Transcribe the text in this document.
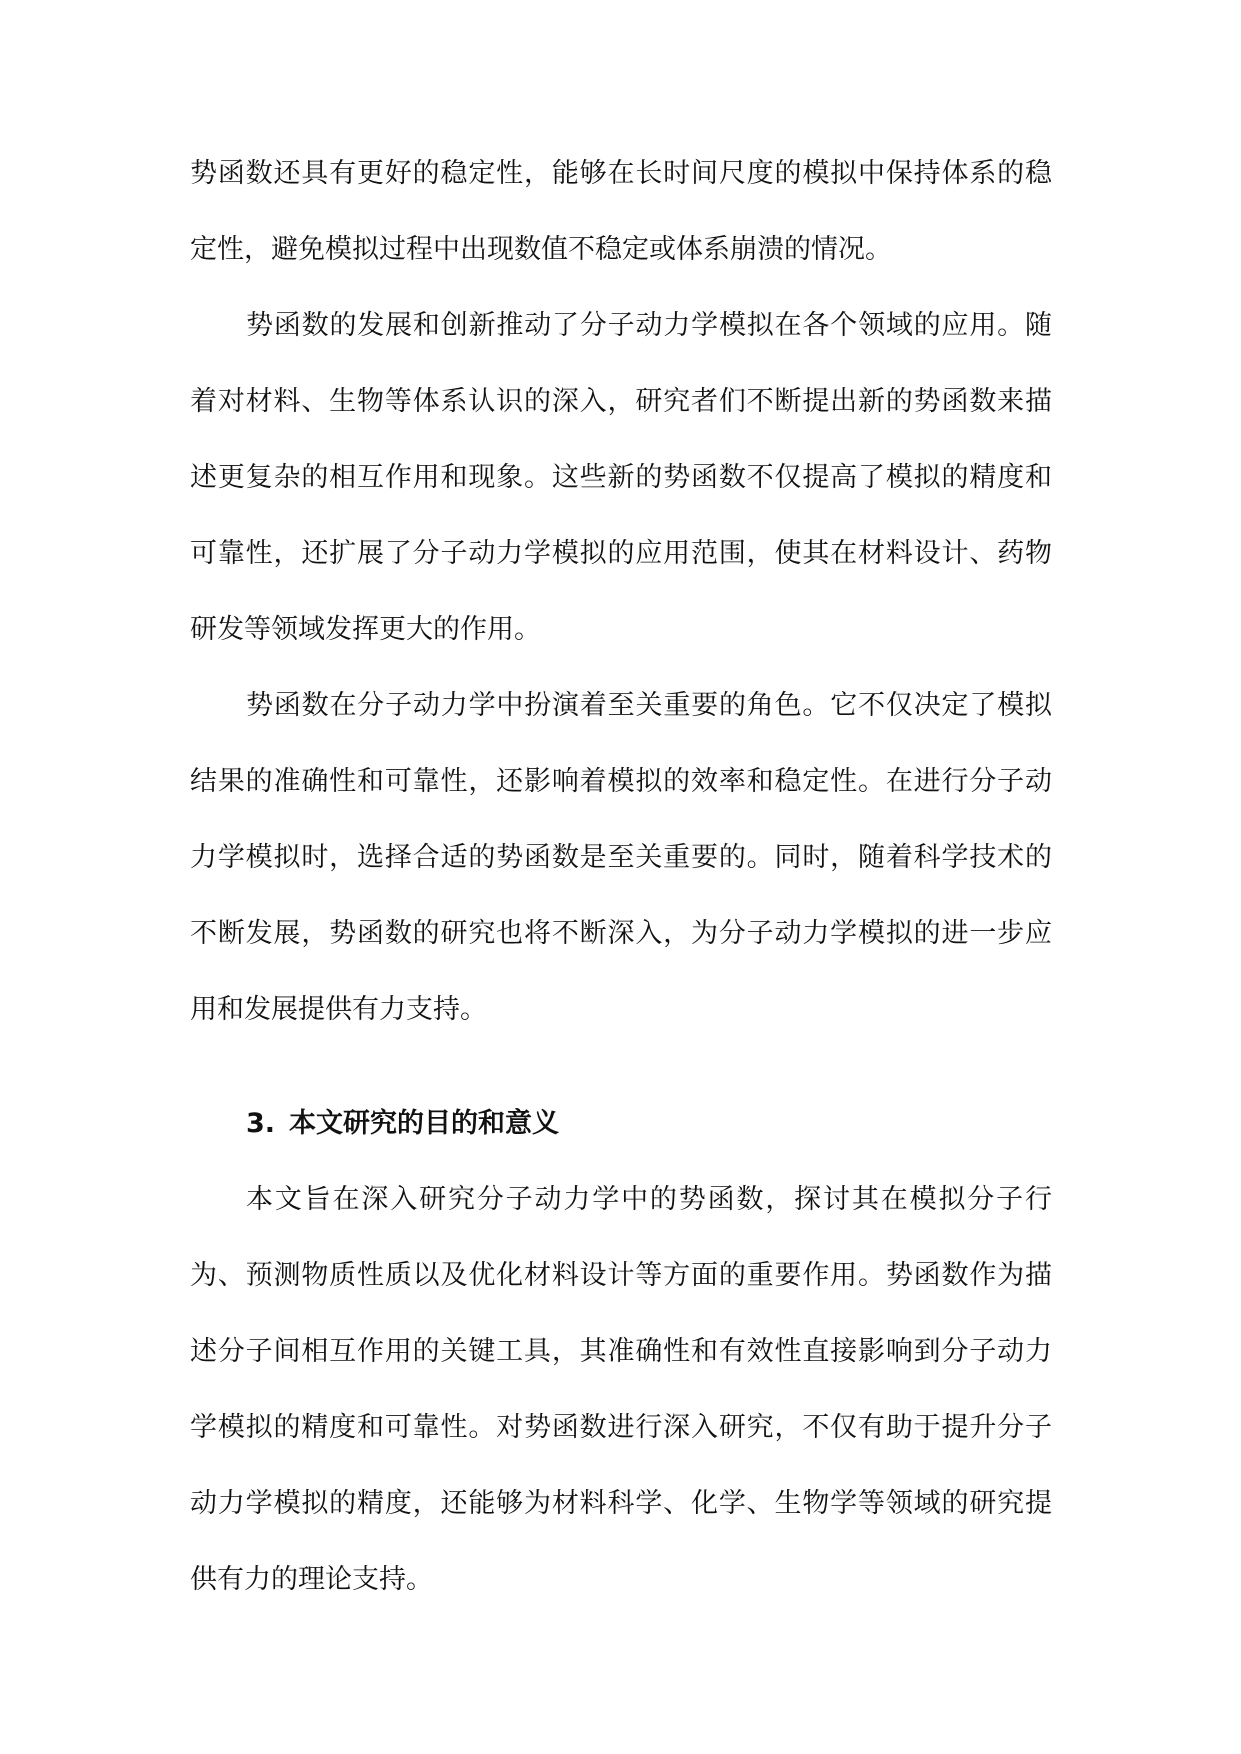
势函数还具有更好的稳定性，能够在长时间尺度的模拟中保持体系的稳定性，避免模拟过程中出现数值不稳定或体系崩溃的情况。

势函数的发展和创新推动了分子动力学模拟在各个领域的应用。随着对材料、生物等体系认识的深入，研究者们不断提出新的势函数来描述更复杂的相互作用和现象。这些新的势函数不仅提高了模拟的精度和可靠性，还扩展了分子动力学模拟的应用范围，使其在材料设计、药物研发等领域发挥更大的作用。

势函数在分子动力学中扮演着至关重要的角色。它不仅决定了模拟结果的准确性和可靠性，还影响着模拟的效率和稳定性。在进行分子动力学模拟时，选择合适的势函数是至关重要的。同时，随着科学技术的不断发展，势函数的研究也将不断深入，为分子动力学模拟的进一步应用和发展提供有力支持。

3. 本文研究的目的和意义

本文旨在深入研究分子动力学中的势函数，探讨其在模拟分子行为、预测物质性质以及优化材料设计等方面的重要作用。势函数作为描述分子间相互作用的关键工具，其准确性和有效性直接影响到分子动力学模拟的精度和可靠性。对势函数进行深入研究，不仅有助于提升分子动力学模拟的精度，还能够为材料科学、化学、生物学等领域的研究提供有力的理论支持。
